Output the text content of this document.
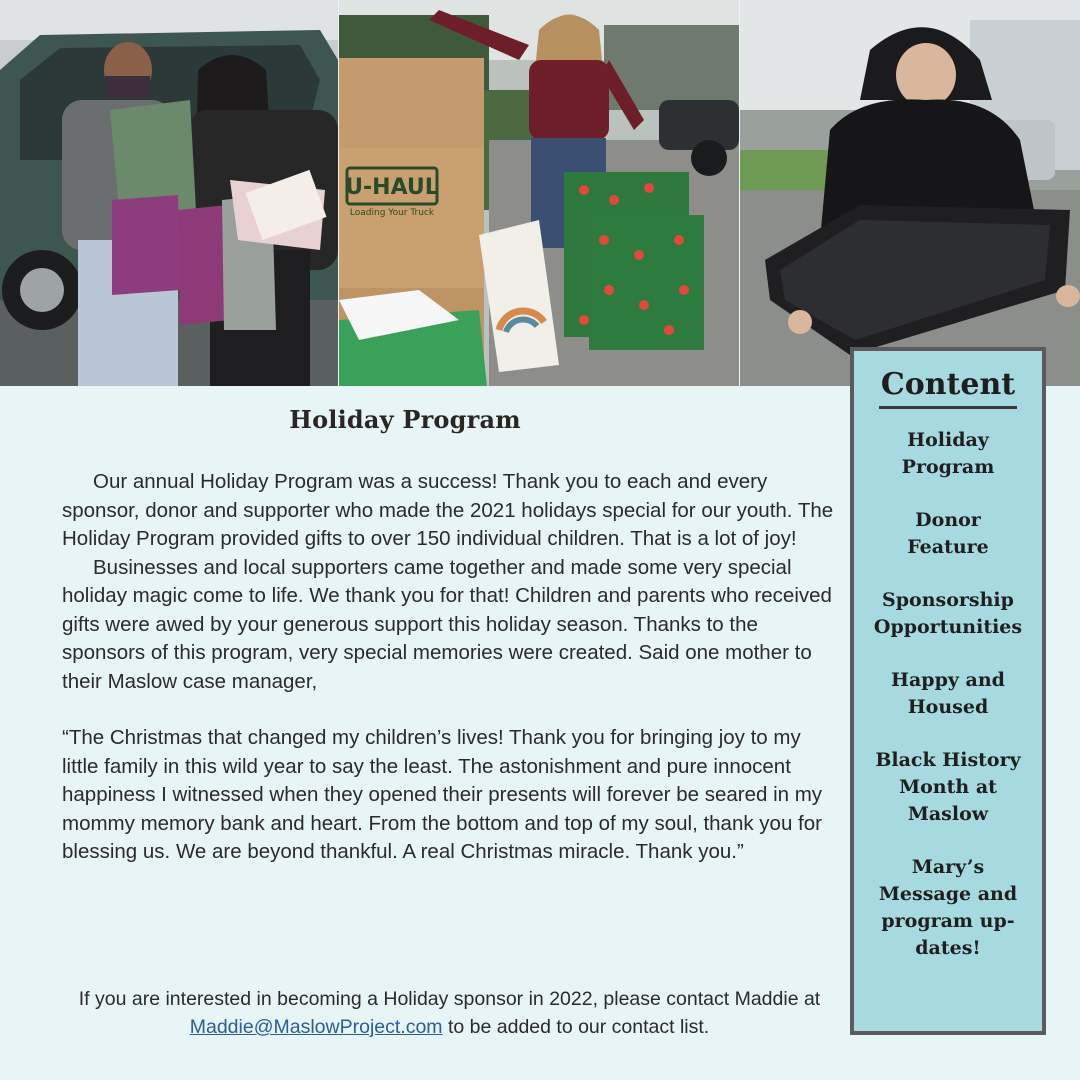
U-HAUL
Loading Your Truck
Holiday Program

Our annual Holiday Program was a success! Thank you to each and every sponsor, donor and supporter who made the 2021 holidays special for our youth. The Holiday Program provided gifts to over 150 individual children. That is a lot of joy!

Businesses and local supporters came together and made some very special holiday magic come to life. We thank you for that! Children and parents who received gifts were awed by your generous support this holiday season. Thanks to the sponsors of this program, very special memories were created. Said one mother to their Maslow case manager,

“The Christmas that changed my children’s lives! Thank you for bringing joy to my little family in this wild year to say the least. The astonishment and pure innocent happiness I witnessed when they opened their presents will forever be seared in my mommy memory bank and heart. From the bottom and top of my soul, thank you for blessing us. We are beyond thankful. A real Christmas miracle. Thank you.”

If you are interested in becoming a Holiday sponsor in 2022, please contact Maddie at Maddie@MaslowProject.com to be added to our contact list.
Content
Holiday Program
Donor Feature
Sponsorship Opportunities
Happy and Housed
Black History Month at Maslow
Mary’s Message and program up-dates!
